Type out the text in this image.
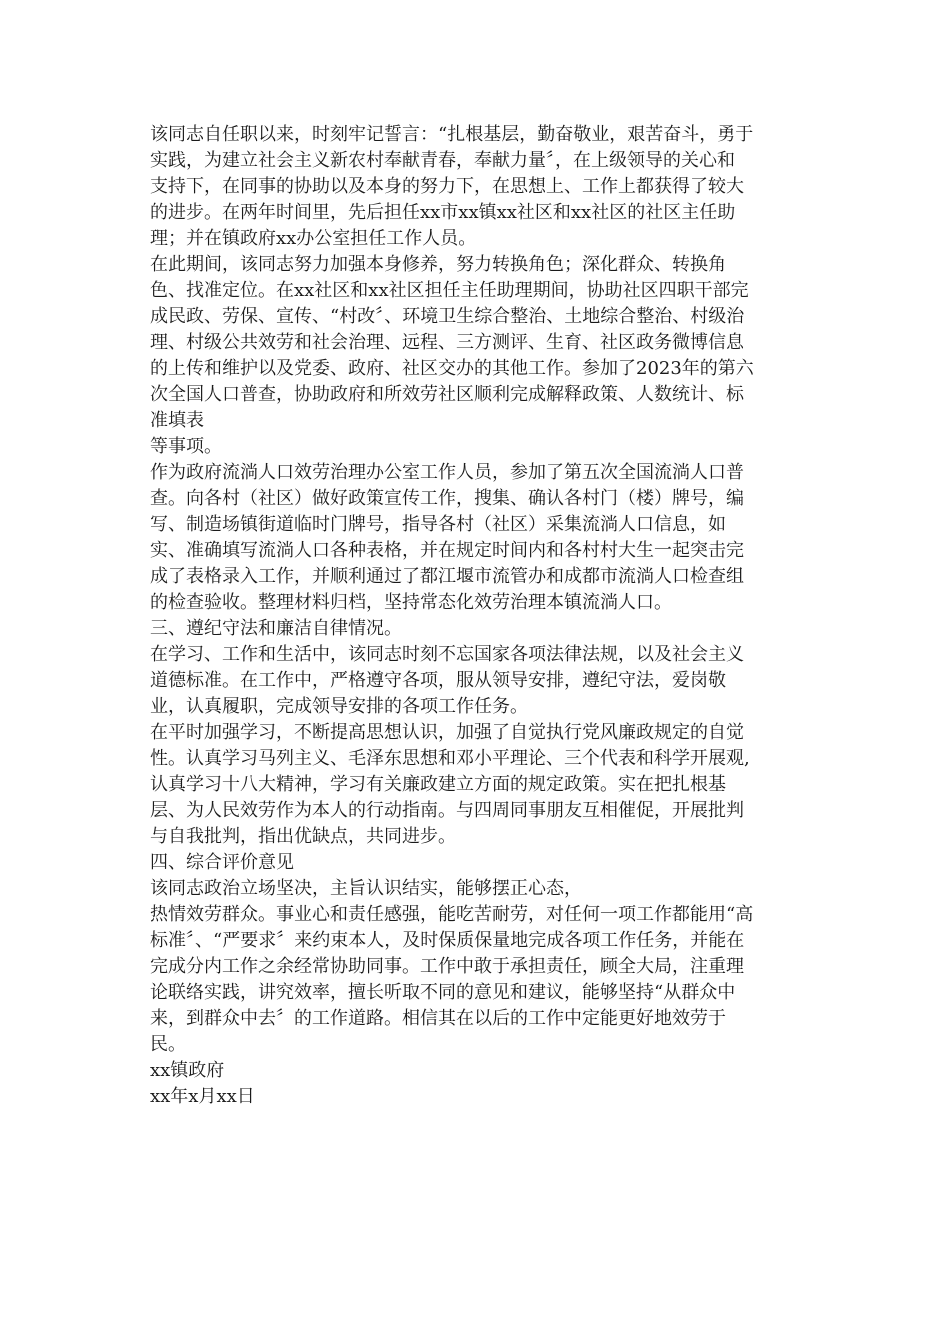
该同志自任职以来，时刻牢记誓言：“扎根基层，勤奋敬业，艰苦奋斗，勇于
实践，为建立社会主义新农村奉献青春，奉献力量〞，在上级领导的关心和
支持下，在同事的协助以及本身的努力下，在思想上、工作上都获得了较大
的进步。在两年时间里，先后担任xx市xx镇xx社区和xx社区的社区主任助
理；并在镇政府xx办公室担任工作人员。

在此期间，该同志努力加强本身修养，努力转换角色；深化群众、转换角
色、找准定位。在xx社区和xx社区担任主任助理期间，协助社区四职干部完
成民政、劳保、宣传、“村改〞、环境卫生综合整治、土地综合整治、村级治
理、村级公共效劳和社会治理、远程、三方测评、生育、社区政务微博信息
的上传和维护以及党委、政府、社区交办的其他工作。参加了2023年的第六
次全国人口普查，协助政府和所效劳社区顺利完成解释政策、人数统计、标
准填表

等事项。

作为政府流淌人口效劳治理办公室工作人员，参加了第五次全国流淌人口普
查。向各村（社区）做好政策宣传工作，搜集、确认各村门（楼）牌号，编
写、制造场镇街道临时门牌号，指导各村（社区）采集流淌人口信息，如
实、准确填写流淌人口各种表格，并在规定时间内和各村村大生一起突击完
成了表格录入工作，并顺利通过了都江堰市流管办和成都市流淌人口检查组
的检查验收。整理材料归档，坚持常态化效劳治理本镇流淌人口。

三、遵纪守法和廉洁自律情况。

在学习、工作和生活中，该同志时刻不忘国家各项法律法规，以及社会主义
道德标准。在工作中，严格遵守各项，服从领导安排，遵纪守法，爱岗敬
业，认真履职，完成领导安排的各项工作任务。

在平时加强学习，不断提高思想认识，加强了自觉执行党风廉政规定的自觉
性。认真学习马列主义、毛泽东思想和邓小平理论、三个代表和科学开展观,
认真学习十八大精神，学习有关廉政建立方面的规定政策。实在把扎根基
层、为人民效劳作为本人的行动指南。与四周同事朋友互相催促，开展批判
与自我批判，指出优缺点，共同进步。

四、综合评价意见

该同志政治立场坚决，主旨认识结实，能够摆正心态，

热情效劳群众。事业心和责任感强，能吃苦耐劳，对任何一项工作都能用“高
标准〞、“严要求〞来约束本人，及时保质保量地完成各项工作任务，并能在
完成分内工作之余经常协助同事。工作中敢于承担责任，顾全大局，注重理
论联络实践，讲究效率，擅长听取不同的意见和建议，能够坚持“从群众中
来，到群众中去〞的工作道路。相信其在以后的工作中定能更好地效劳于
民。

xx镇政府

xx年x月xx日
